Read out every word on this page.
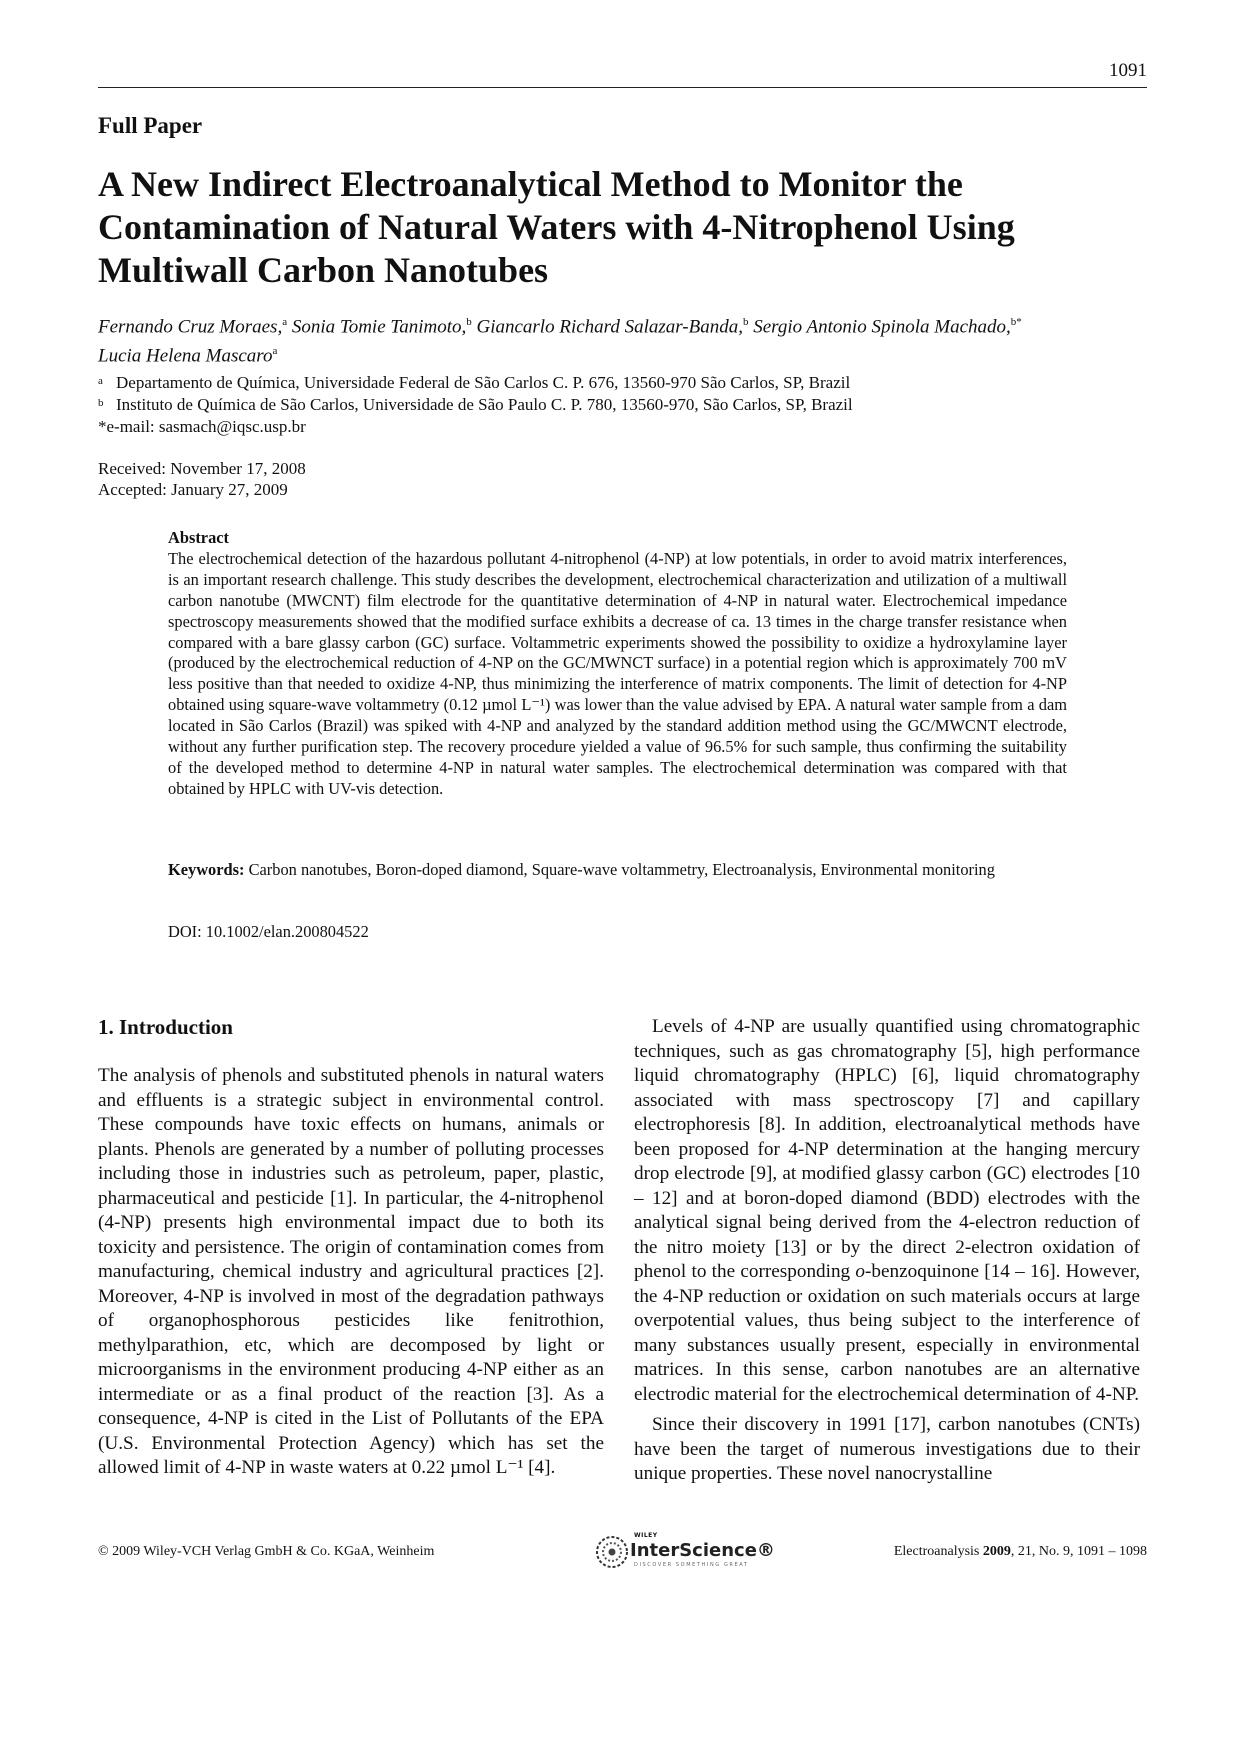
1091
Full Paper
A New Indirect Electroanalytical Method to Monitor the
Contamination of Natural Waters with 4-Nitrophenol Using
Multiwall Carbon Nanotubes
Fernando Cruz Moraes,$^a$ Sonia Tomie Tanimoto,$^b$ Giancarlo Richard Salazar-Banda,$^b$ Sergio Antonio Spinola Machado,$^{b*}$
Lucia Helena Mascaro$^a$
a Departamento de Química, Universidade Federal de São Carlos C. P. 676, 13560-970 São Carlos, SP, Brazil
b Instituto de Química de São Carlos, Universidade de São Paulo C. P. 780, 13560-970, São Carlos, SP, Brazil
*e-mail: sasmach@iqsc.usp.br
Received: November 17, 2008
Accepted: January 27, 2009
Abstract
The electrochemical detection of the hazardous pollutant 4-nitrophenol (4-NP) at low potentials, in order to avoid matrix interferences, is an important research challenge. This study describes the development, electrochemical characterization and utilization of a multiwall carbon nanotube (MWCNT) film electrode for the quantitative determination of 4-NP in natural water. Electrochemical impedance spectroscopy measurements showed that the modified surface exhibits a decrease of ca. 13 times in the charge transfer resistance when compared with a bare glassy carbon (GC) surface. Voltammetric experiments showed the possibility to oxidize a hydroxylamine layer (produced by the electrochemical reduction of 4-NP on the GC/MWNCT surface) in a potential region which is approximately 700 mV less positive than that needed to oxidize 4-NP, thus minimizing the interference of matrix components. The limit of detection for 4-NP obtained using square-wave voltammetry (0.12 µmol L⁻¹) was lower than the value advised by EPA. A natural water sample from a dam located in São Carlos (Brazil) was spiked with 4-NP and analyzed by the standard addition method using the GC/MWCNT electrode, without any further purification step. The recovery procedure yielded a value of 96.5% for such sample, thus confirming the suitability of the developed method to determine 4-NP in natural water samples. The electrochemical determination was compared with that obtained by HPLC with UV-vis detection.
Keywords: Carbon nanotubes, Boron-doped diamond, Square-wave voltammetry, Electroanalysis, Environmental monitoring
DOI: 10.1002/elan.200804522
1. Introduction

The analysis of phenols and substituted phenols in natural waters and effluents is a strategic subject in environmental control. These compounds have toxic effects on humans, animals or plants. Phenols are generated by a number of polluting processes including those in industries such as petroleum, paper, plastic, pharmaceutical and pesticide [1]. In particular, the 4-nitrophenol (4-NP) presents high environmental impact due to both its toxicity and persistence. The origin of contamination comes from manufacturing, chemical industry and agricultural practices [2]. Moreover, 4-NP is involved in most of the degradation pathways of organophosphorous pesticides like fenitrothion, methylparathion, etc, which are decomposed by light or microorganisms in the environment producing 4-NP either as an intermediate or as a final product of the reaction [3]. As a consequence, 4-NP is cited in the List of Pollutants of the EPA (U.S. Environmental Protection Agency) which has set the allowed limit of 4-NP in waste waters at 0.22 µmol L⁻¹ [4].

Levels of 4-NP are usually quantified using chromatographic techniques, such as gas chromatography [5], high performance liquid chromatography (HPLC) [6], liquid chromatography associated with mass spectroscopy [7] and capillary electrophoresis [8]. In addition, electroanalytical methods have been proposed for 4-NP determination at the hanging mercury drop electrode [9], at modified glassy carbon (GC) electrodes [10 – 12] and at boron-doped diamond (BDD) electrodes with the analytical signal being derived from the 4-electron reduction of the nitro moiety [13] or by the direct 2-electron oxidation of phenol to the corresponding o-benzoquinone [14 – 16]. However, the 4-NP reduction or oxidation on such materials occurs at large overpotential values, thus being subject to the interference of many substances usually present, especially in environmental matrices. In this sense, carbon nanotubes are an alternative electrodic material for the electrochemical determination of 4-NP.

Since their discovery in 1991 [17], carbon nanotubes (CNTs) have been the target of numerous investigations due to their unique properties. These novel nanocrystalline

© 2009 Wiley-VCH Verlag GmbH & Co. KGaA, Weinheim
WILEY
InterScience®
DISCOVER SOMETHING GREAT
Electroanalysis 2009, 21, No. 9, 1091 – 1098
